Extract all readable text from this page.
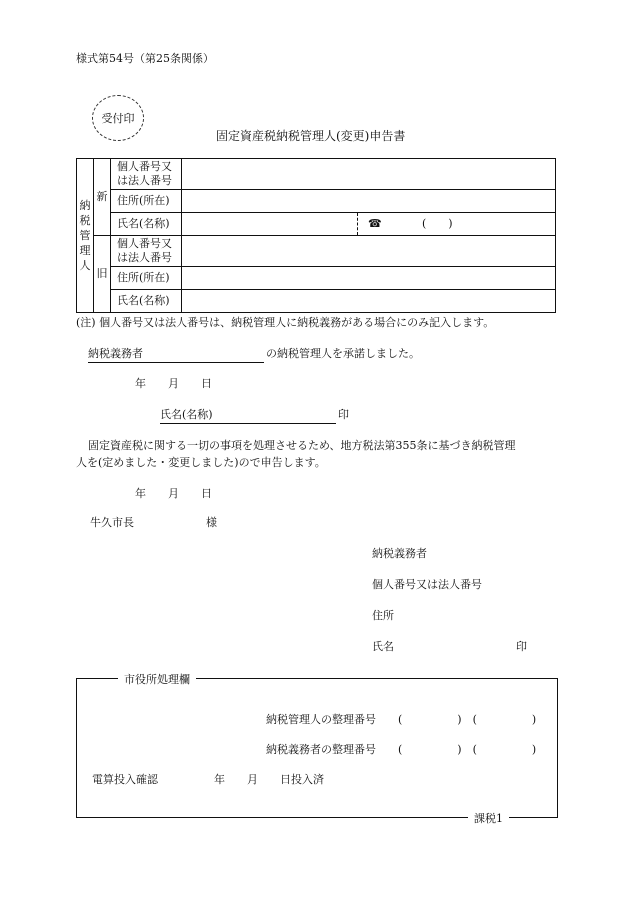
様式第54号（第25条関係）
受付印
固定資産税納税管理人(変更)申告書
納
税
管
理
人	新	個人番号又
は法人番号	
		住所(所在)	
		氏名(名称)	☎ (　　)

	旧	個人番号又
は法人番号	
		住所(所在)	
		氏名(名称)	
(注) 個人番号又は法人番号は、納税管理人に納税義務がある場合にのみ記入します。
納税義務者	の納税管理人を承諾しました。
年　　月　　日
氏名(名称)	印
固定資産税に関する一切の事項を処理させるため、地方税法第355条に基づき納税管理
人を(定めました・変更しました)ので申告します。
年　　月　　日
牛久市長	様
納税義務者
個人番号又は法人番号
住所
氏名	印
市役所処理欄
納税管理人の整理番号 (　　　　　)　(　　　　　)
納税義務者の整理番号 (　　　　　)　(　　　　　)
電算投入確認	年　　月　　日投入済
課税1
